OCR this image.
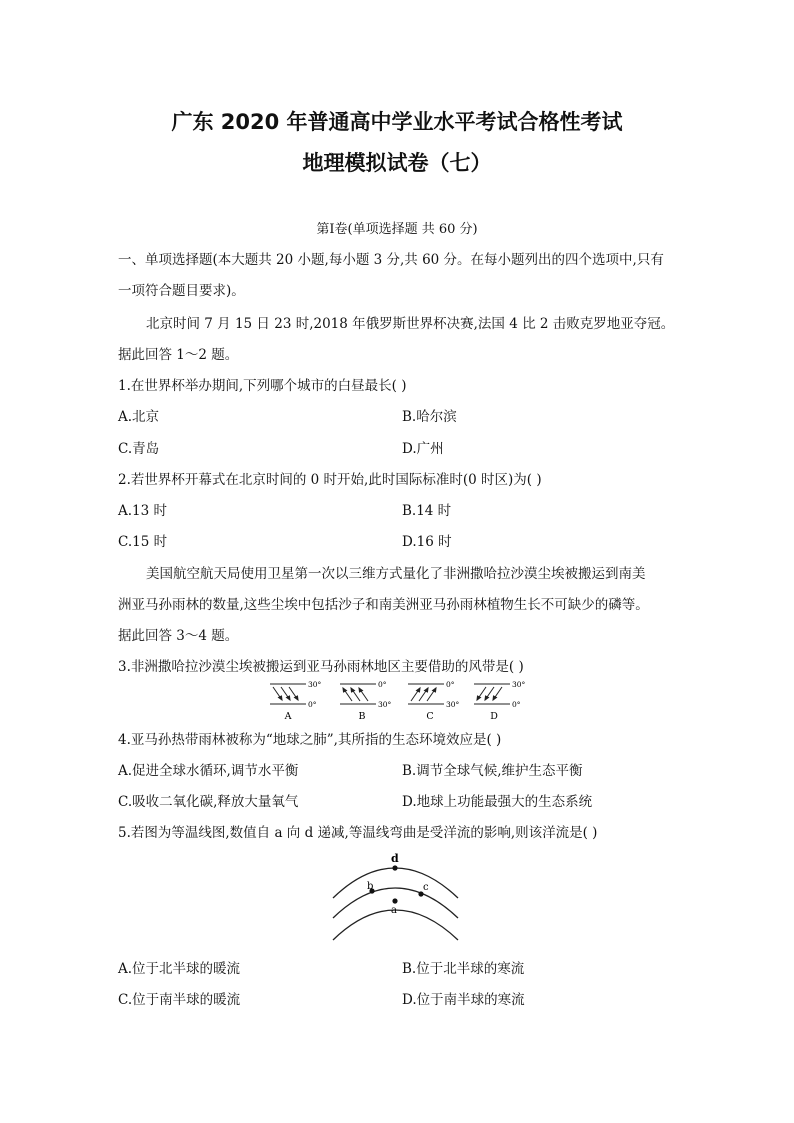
广东 2020 年普通高中学业水平考试合格性考试
地理模拟试卷（七）
第Ⅰ卷(单项选择题 共 60 分)
一、单项选择题(本大题共 20 小题,每小题 3 分,共 60 分。在每小题列出的四个选项中,只有
一项符合题目要求)。
北京时间 7 月 15 日 23 时,2018 年俄罗斯世界杯决赛,法国 4 比 2 击败克罗地亚夺冠。
据此回答 1～2 题。
1.在世界杯举办期间,下列哪个城市的白昼最长( )
A.北京	B.哈尔滨
C.青岛	D.广州
2.若世界杯开幕式在北京时间的 0 时开始,此时国际标准时(0 时区)为( )
A.13 时	B.14 时
C.15 时	D.16 时
美国航空航天局使用卫星第一次以三维方式量化了非洲撒哈拉沙漠尘埃被搬运到南美
洲亚马孙雨林的数量,这些尘埃中包括沙子和南美洲亚马孙雨林植物生长不可缺少的磷等。
据此回答 3～4 题。
3.非洲撒哈拉沙漠尘埃被搬运到亚马孙雨林地区主要借助的风带是( )
30°
0°
A
0°
30°
B
0°
30°
C
30°
0°
D
4.亚马孙热带雨林被称为“地球之肺”,其所指的生态环境效应是( )
A.促进全球水循环,调节水平衡	B.调节全球气候,维护生态平衡
C.吸收二氧化碳,释放大量氧气	D.地球上功能最强大的生态系统
5.若图为等温线图,数值自 a 向 d 递减,等温线弯曲是受洋流的影响,则该洋流是( )
d
b	c
a
A.位于北半球的暖流	B.位于北半球的寒流
C.位于南半球的暖流	D.位于南半球的寒流
